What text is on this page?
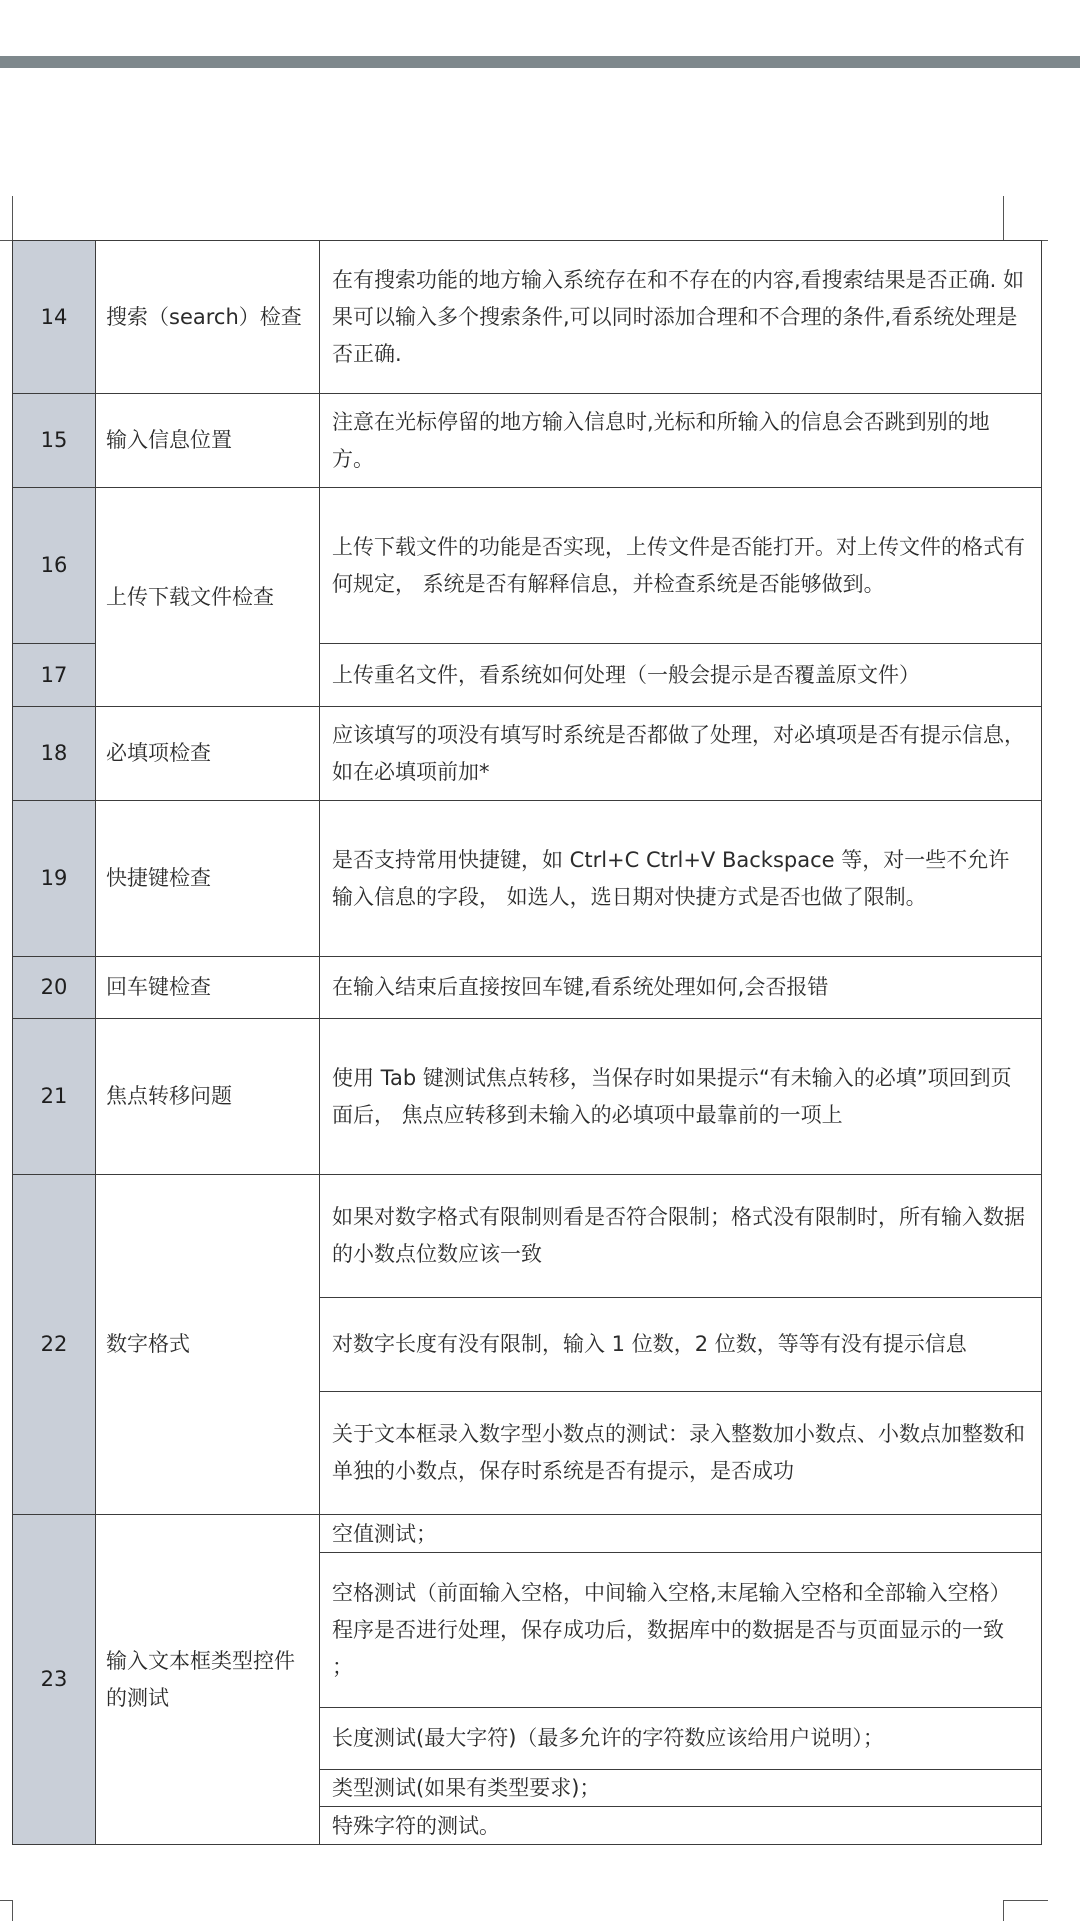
14	搜索（search）检查	在有搜索功能的地方输入系统存在和不存在的内容,看搜索结果是否正确. 如果可以输入多个搜索条件,可以同时添加合理和不合理的条件,看系统处理是否正确.
15	输入信息位置	注意在光标停留的地方输入信息时,光标和所输入的信息会否跳到别的地方。
16	上传下载文件检查	上传下载文件的功能是否实现，上传文件是否能打开。对上传文件的格式有何规定， 系统是否有解释信息，并检查系统是否能够做到。
17		上传重名文件，看系统如何处理（一般会提示是否覆盖原文件）
18	必填项检查	应该填写的项没有填写时系统是否都做了处理，对必填项是否有提示信息，如在必填项前加*
19	快捷键检查	是否支持常用快捷键，如 Ctrl+C Ctrl+V Backspace 等，对一些不允许输入信息的字段， 如选人，选日期对快捷方式是否也做了限制。
20	回车键检查	在输入结束后直接按回车键,看系统处理如何,会否报错
21	焦点转移问题	使用 Tab 键测试焦点转移，当保存时如果提示“有未输入的必填”项回到页面后， 焦点应转移到未输入的必填项中最靠前的一项上
22	数字格式	如果对数字格式有限制则看是否符合限制；格式没有限制时，所有输入数据的小数点位数应该一致
		对数字长度有没有限制，输入 1 位数，2 位数，等等有没有提示信息
		关于文本框录入数字型小数点的测试：录入整数加小数点、小数点加整数和单独的小数点，保存时系统是否有提示，是否成功
23	输入文本框类型控件的测试	空值测试；
		空格测试（前面输入空格，中间输入空格,末尾输入空格和全部输入空格）程序是否进行处理，保存成功后，数据库中的数据是否与页面显示的一致 ；
		长度测试(最大字符)（最多允许的字符数应该给用户说明）；
		类型测试(如果有类型要求)；
		特殊字符的测试。
